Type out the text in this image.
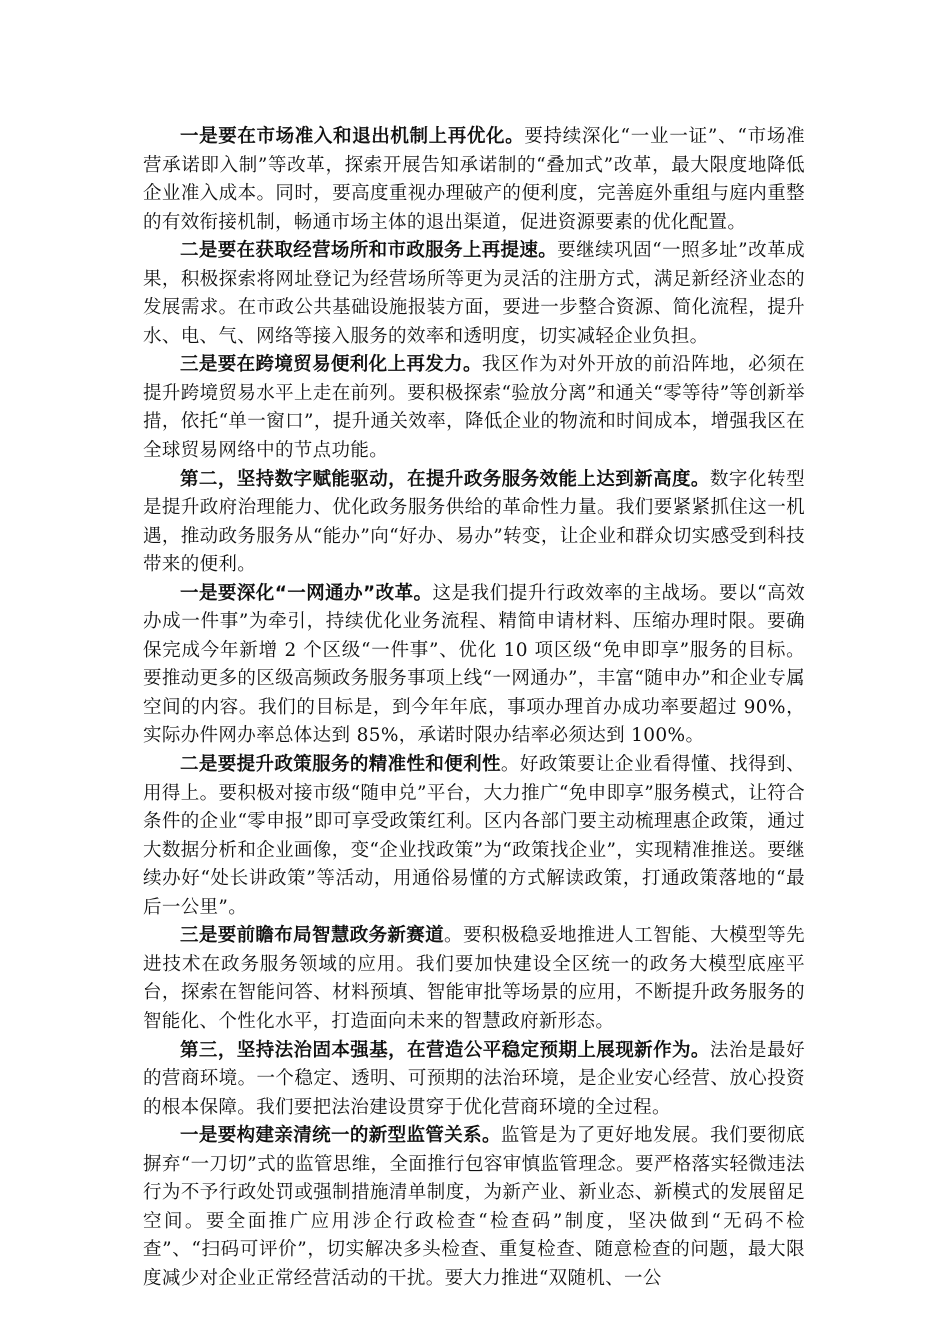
一是要在市场准入和退出机制上再优化。要持续深化“一业一证”、“市场准营承诺即入制”等改革，探索开展告知承诺制的“叠加式”改革，最大限度地降低企业准入成本。同时，要高度重视办理破产的便利度，完善庭外重组与庭内重整的有效衔接机制，畅通市场主体的退出渠道，促进资源要素的优化配置。

二是要在获取经营场所和市政服务上再提速。要继续巩固“一照多址”改革成果，积极探索将网址登记为经营场所等更为灵活的注册方式，满足新经济业态的发展需求。在市政公共基础设施报装方面，要进一步整合资源、简化流程，提升水、电、气、网络等接入服务的效率和透明度，切实减轻企业负担。

三是要在跨境贸易便利化上再发力。我区作为对外开放的前沿阵地，必须在提升跨境贸易水平上走在前列。要积极探索“验放分离”和通关“零等待”等创新举措，依托“单一窗口”，提升通关效率，降低企业的物流和时间成本，增强我区在全球贸易网络中的节点功能。

第二，坚持数字赋能驱动，在提升政务服务效能上达到新高度。数字化转型是提升政府治理能力、优化政务服务供给的革命性力量。我们要紧紧抓住这一机遇，推动政务服务从“能办”向“好办、易办”转变，让企业和群众切实感受到科技带来的便利。

一是要深化“一网通办”改革。这是我们提升行政效率的主战场。要以“高效办成一件事”为牵引，持续优化业务流程、精简申请材料、压缩办理时限。要确保完成今年新增 2 个区级“一件事”、优化 10 项区级“免申即享”服务的目标。要推动更多的区级高频政务服务事项上线“一网通办”，丰富“随申办”和企业专属空间的内容。我们的目标是，到今年年底，事项办理首办成功率要超过 90%，实际办件网办率总体达到 85%，承诺时限办结率必须达到 100%。

二是要提升政策服务的精准性和便利性。好政策要让企业看得懂、找得到、用得上。要积极对接市级“随申兑”平台，大力推广“免申即享”服务模式，让符合条件的企业“零申报”即可享受政策红利。区内各部门要主动梳理惠企政策，通过大数据分析和企业画像，变“企业找政策”为“政策找企业”，实现精准推送。要继续办好“处长讲政策”等活动，用通俗易懂的方式解读政策，打通政策落地的“最后一公里”。

三是要前瞻布局智慧政务新赛道。要积极稳妥地推进人工智能、大模型等先进技术在政务服务领域的应用。我们要加快建设全区统一的政务大模型底座平台，探索在智能问答、材料预填、智能审批等场景的应用，不断提升政务服务的智能化、个性化水平，打造面向未来的智慧政府新形态。

第三，坚持法治固本强基，在营造公平稳定预期上展现新作为。法治是最好的营商环境。一个稳定、透明、可预期的法治环境，是企业安心经营、放心投资的根本保障。我们要把法治建设贯穿于优化营商环境的全过程。

一是要构建亲清统一的新型监管关系。监管是为了更好地发展。我们要彻底摒弃“一刀切”式的监管思维，全面推行包容审慎监管理念。要严格落实轻微违法行为不予行政处罚或强制措施清单制度，为新产业、新业态、新模式的发展留足空间。要全面推广应用涉企行政检查“检查码”制度，坚决做到“无码不检查”、“扫码可评价”，切实解决多头检查、重复检查、随意检查的问题，最大限度减少对企业正常经营活动的干扰。要大力推进“双随机、一公
